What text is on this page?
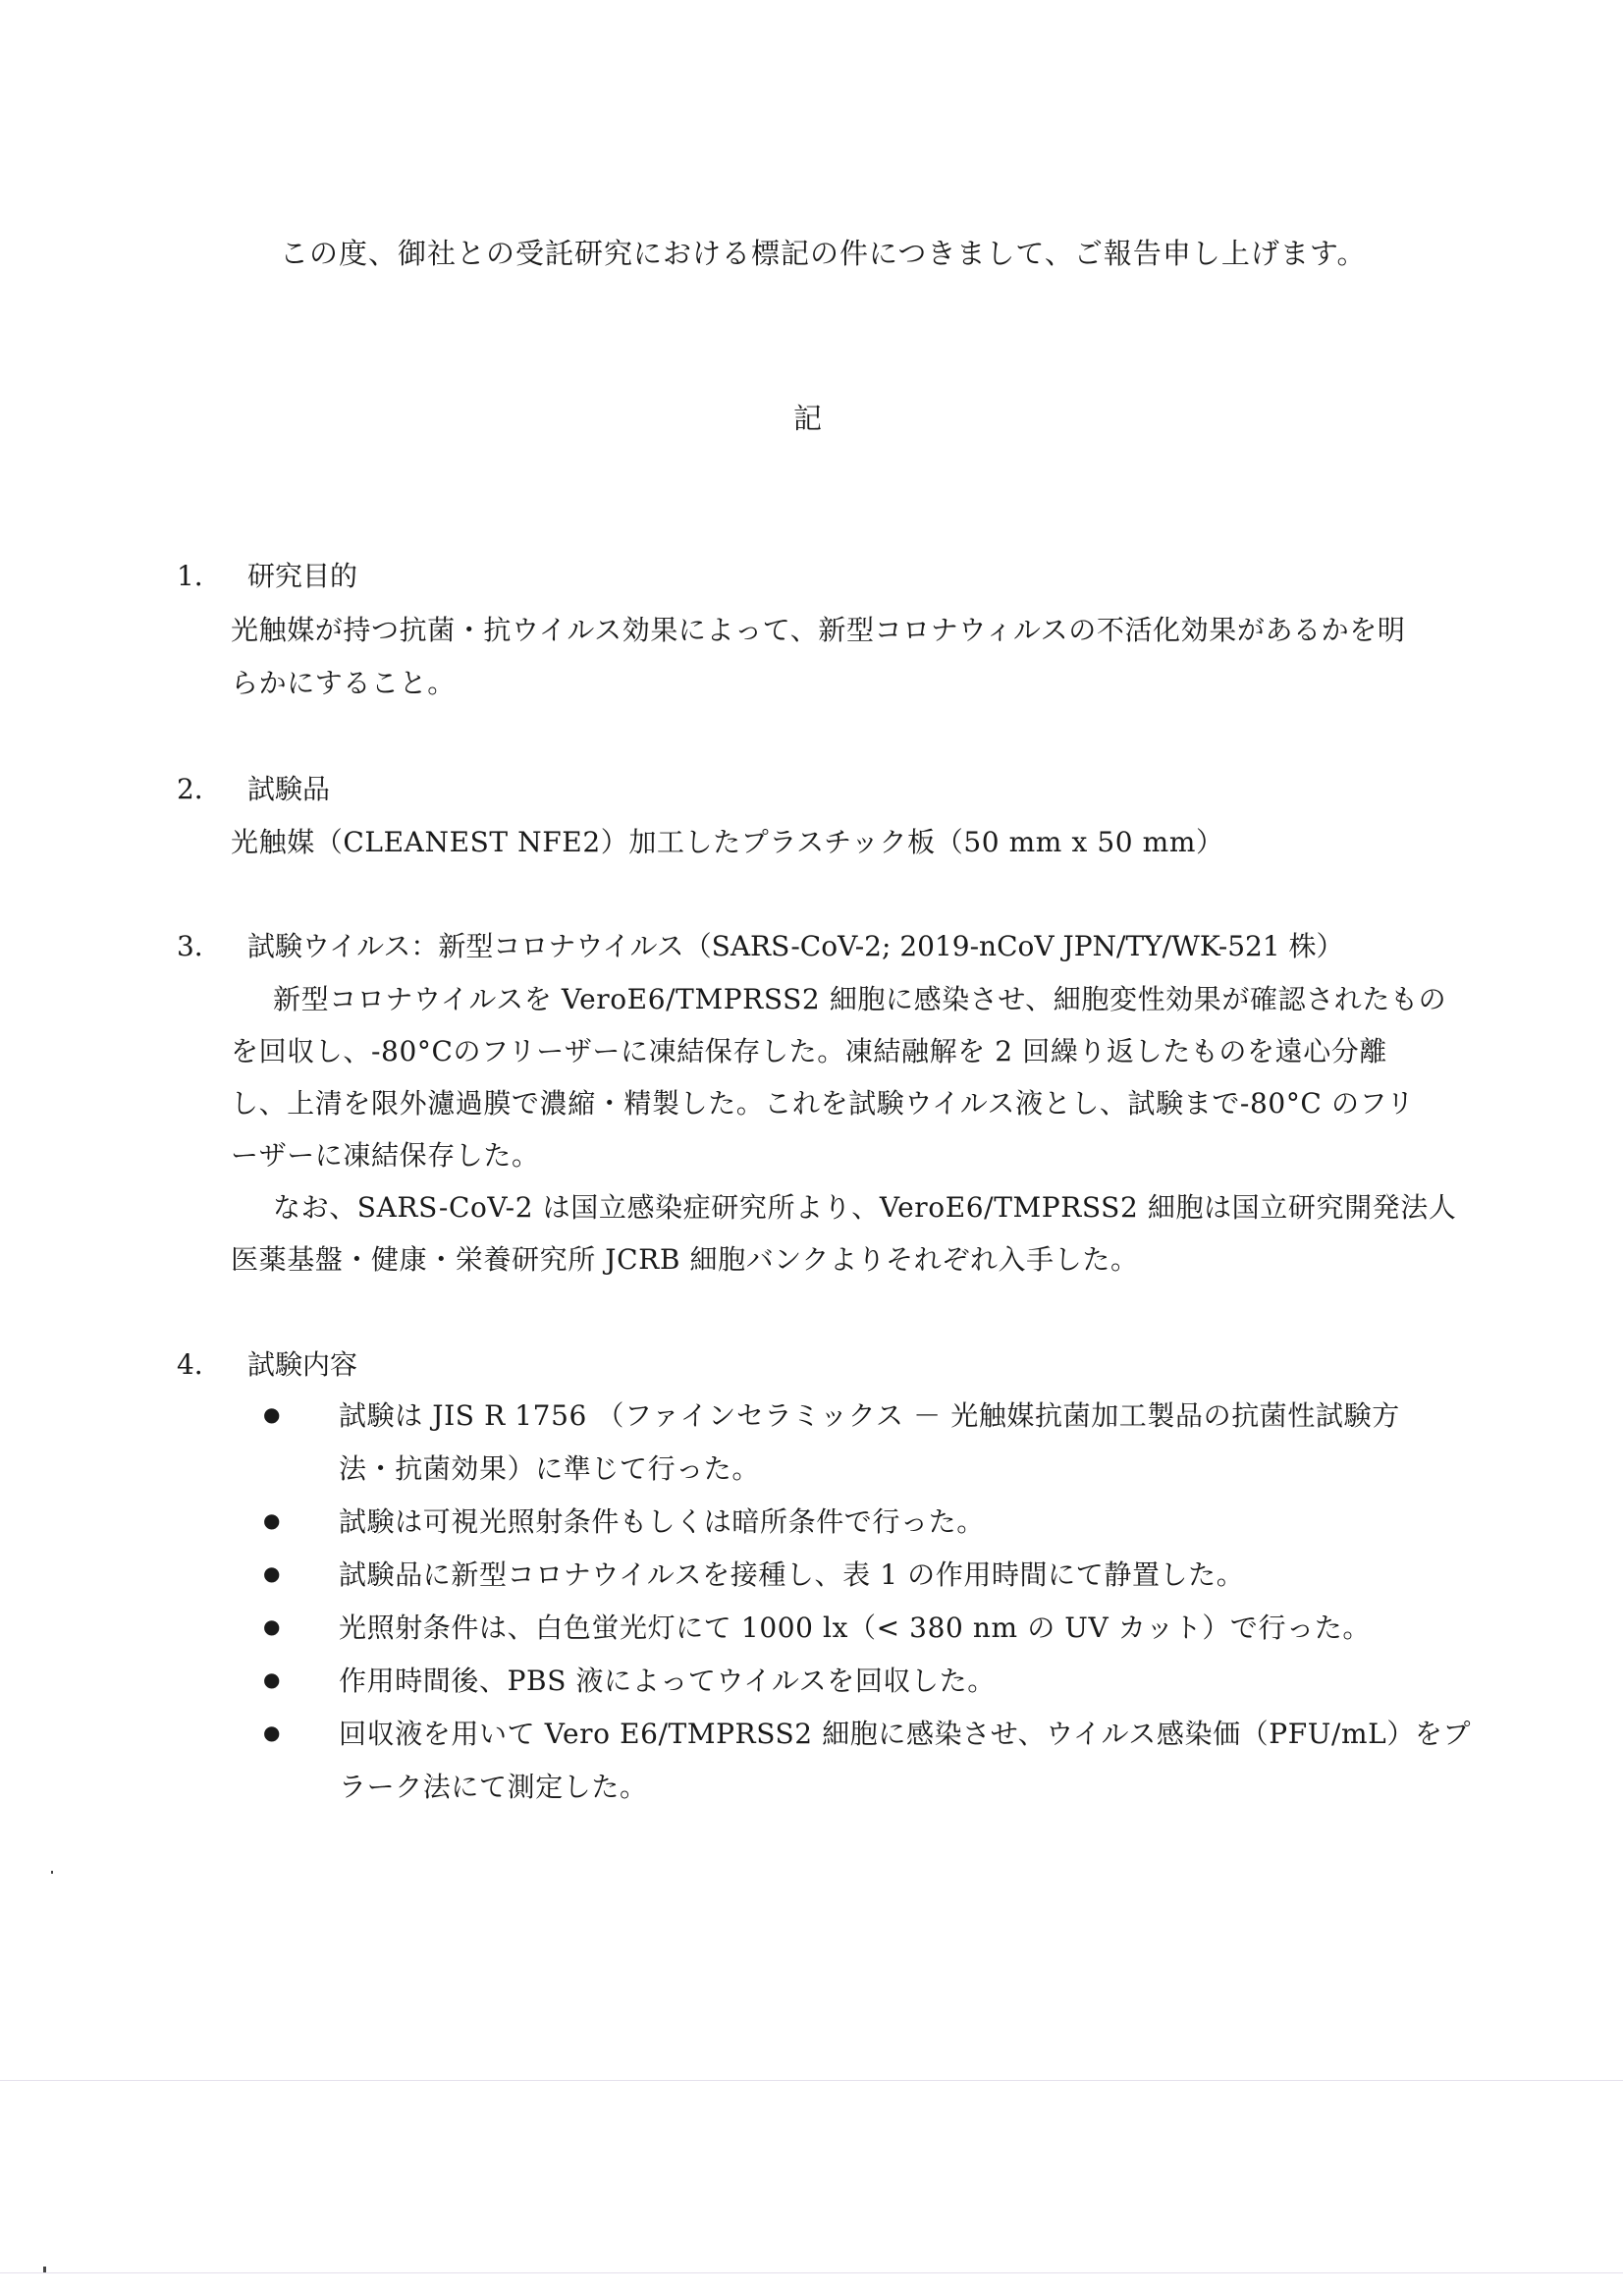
この度、御社との受託研究における標記の件につきまして、ご報告申し上げます。
記
1． 研究目的
光触媒が持つ抗菌・抗ウイルス効果によって、新型コロナウィルスの不活化効果があるかを明
らかにすること。
2． 試験品
光触媒（CLEANEST NFE2）加工したプラスチック板（50 mm x 50 mm）
3． 試験ウイルス：新型コロナウイルス（SARS-CoV-2; 2019-nCoV JPN/TY/WK-521 株）
新型コロナウイルスを VeroE6/TMPRSS2 細胞に感染させ、細胞変性効果が確認されたもの
を回収し、-80°Cのフリーザーに凍結保存した。凍結融解を 2 回繰り返したものを遠心分離
し、上清を限外濾過膜で濃縮・精製した。これを試験ウイルス液とし、試験まで-80°C のフリ
ーザーに凍結保存した。
なお、SARS-CoV-2 は国立感染症研究所より、VeroE6/TMPRSS2 細胞は国立研究開発法人
医薬基盤・健康・栄養研究所 JCRB 細胞バンクよりそれぞれ入手した。
4． 試験内容
● 試験は JIS R 1756 （ファインセラミックス － 光触媒抗菌加工製品の抗菌性試験方
法・抗菌効果）に準じて行った。
● 試験は可視光照射条件もしくは暗所条件で行った。
● 試験品に新型コロナウイルスを接種し、表 1 の作用時間にて静置した。
● 光照射条件は、白色蛍光灯にて 1000 lx（< 380 nm の UV カット）で行った。
● 作用時間後、PBS 液によってウイルスを回収した。
● 回収液を用いて Vero E6/TMPRSS2 細胞に感染させ、ウイルス感染価（PFU/mL）をプ
ラーク法にて測定した。
